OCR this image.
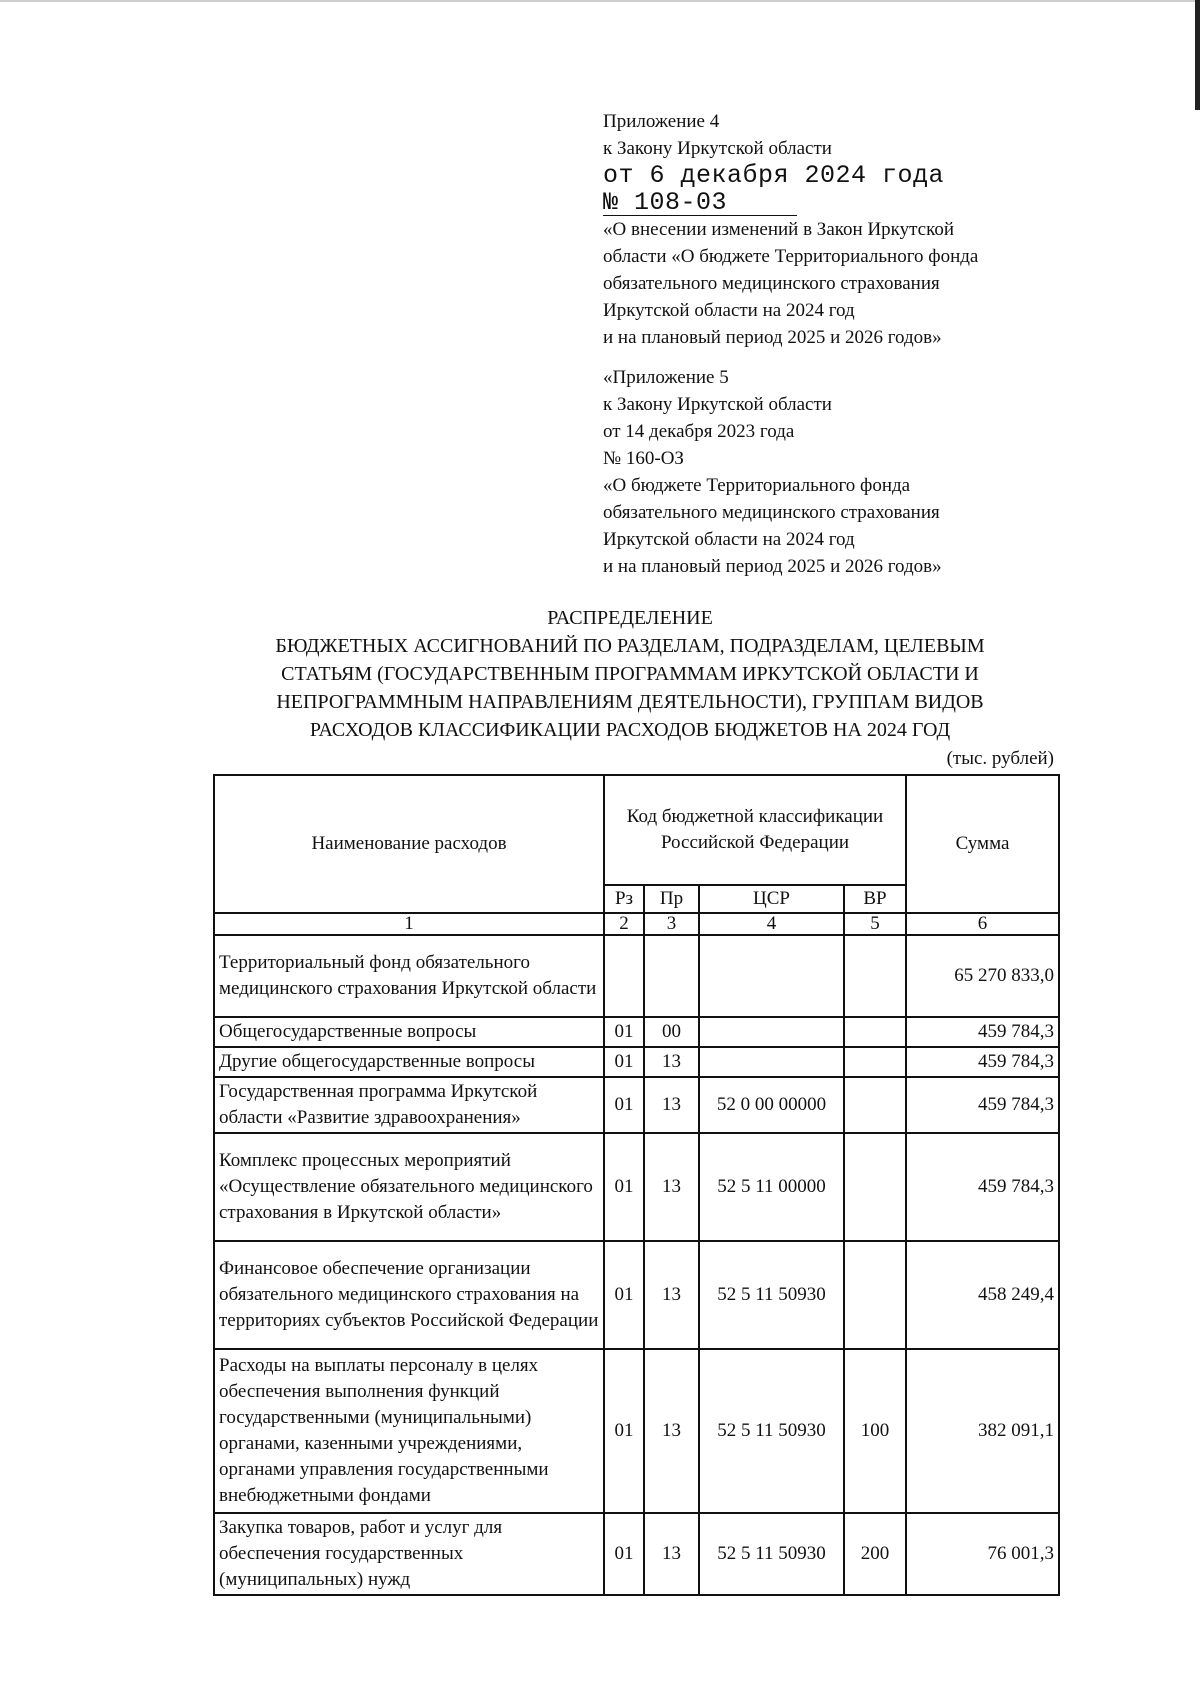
Приложение 4
к Закону Иркутской области
от 6 декабря 2024 года
№ 108-03
«О внесении изменений в Закон Иркутской
области «О бюджете Территориального фонда
обязательного медицинского страхования
Иркутской области на 2024 год
и на плановый период 2025 и 2026 годов»
«Приложение 5
к Закону Иркутской области
от 14 декабря 2023 года
№ 160-ОЗ
«О бюджете Территориального фонда
обязательного медицинского страхования
Иркутской области на 2024 год
и на плановый период 2025 и 2026 годов»
РАСПРЕДЕЛЕНИЕ
БЮДЖЕТНЫХ АССИГНОВАНИЙ ПО РАЗДЕЛАМ, ПОДРАЗДЕЛАМ, ЦЕЛЕВЫМ
СТАТЬЯМ (ГОСУДАРСТВЕННЫМ ПРОГРАММАМ ИРКУТСКОЙ ОБЛАСТИ И
НЕПРОГРАММНЫМ НАПРАВЛЕНИЯМ ДЕЯТЕЛЬНОСТИ), ГРУППАМ ВИДОВ
РАСХОДОВ КЛАССИФИКАЦИИ РАСХОДОВ БЮДЖЕТОВ НА 2024 ГОД
(тыс. рублей)
Наименование расходов	Код бюджетной классификации Российской Федерации				Сумма
	Рз	Пр	ЦСР	ВР	
1	2	3	4	5	6
Территориальный фонд обязательного медицинского страхования Иркутской области					65 270 833,0
Общегосударственные вопросы	01	00			459 784,3
Другие общегосударственные вопросы	01	13			459 784,3
Государственная программа Иркутской области «Развитие здравоохранения»	01	13	52 0 00 00000		459 784,3
Комплекс процессных мероприятий «Осуществление обязательного медицинского страхования в Иркутской области»	01	13	52 5 11 00000		459 784,3
Финансовое обеспечение организации обязательного медицинского страхования на территориях субъектов Российской Федерации	01	13	52 5 11 50930		458 249,4
Расходы на выплаты персоналу в целях обеспечения выполнения функций государственными (муниципальными) органами, казенными учреждениями, органами управления государственными внебюджетными фондами	01	13	52 5 11 50930	100	382 091,1
Закупка товаров, работ и услуг для обеспечения государственных (муниципальных) нужд	01	13	52 5 11 50930	200	76 001,3
